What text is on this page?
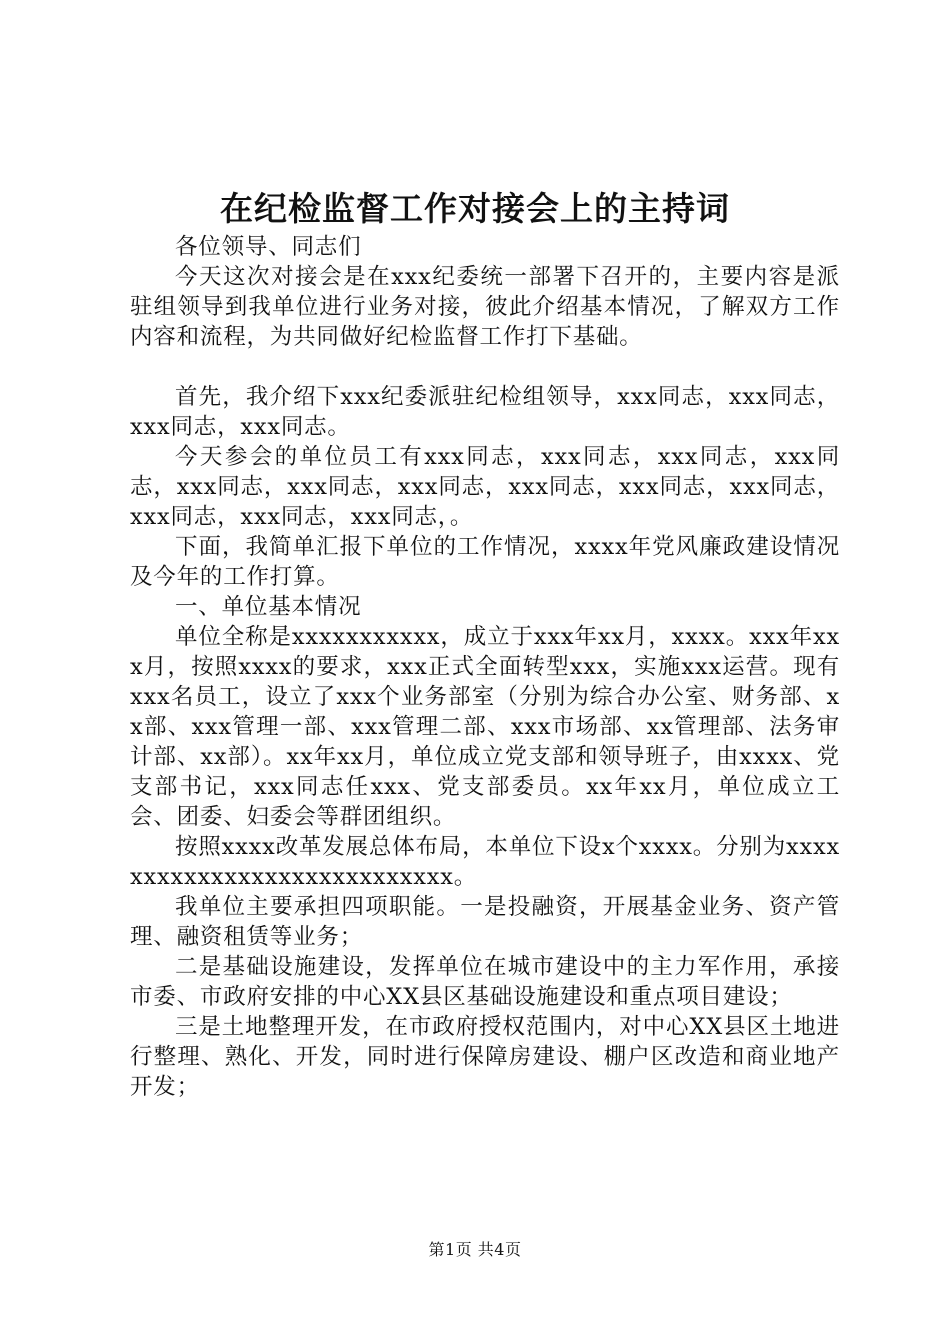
在纪检监督工作对接会上的主持词

各位领导、同志们

今天这次对接会是在xxx纪委统一部署下召开的，主要内容是派驻组领导到我单位进行业务对接，彼此介绍基本情况，了解双方工作内容和流程，为共同做好纪检监督工作打下基础。

首先，我介绍下xxx纪委派驻纪检组领导，xxx同志，xxx同志，xxx同志，xxx同志。

今天参会的单位员工有xxx同志，xxx同志，xxx同志，xxx同志，xxx同志，xxx同志，xxx同志，xxx同志，xxx同志，xxx同志，xxx同志，xxx同志，xxx同志，。

下面，我简单汇报下单位的工作情况，xxxx年党风廉政建设情况及今年的工作打算。

一、单位基本情况

单位全称是xxxxxxxxxxx，成立于xxx年xx月，xxxx。xxx年xxx月，按照xxxx的要求，xxx正式全面转型xxx，实施xxx运营。现有xxx名员工，设立了xxx个业务部室（分别为综合办公室、财务部、xx部、xxx管理一部、xxx管理二部、xxx市场部、xx管理部、法务审计部、xx部）。xx年xx月，单位成立党支部和领导班子，由xxxx、党支部书记，xxx同志任xxx、党支部委员。xx年xx月，单位成立工会、团委、妇委会等群团组织。

按照xxxx改革发展总体布局，本单位下设x个xxxx。分别为xxxxxxxxxxxxxxxxxxxxxxxxxxxx。

我单位主要承担四项职能。一是投融资，开展基金业务、资产管理、融资租赁等业务；

二是基础设施建设，发挥单位在城市建设中的主力军作用，承接市委、市政府安排的中心XX县区基础设施建设和重点项目建设；

三是土地整理开发，在市政府授权范围内，对中心XX县区土地进行整理、熟化、开发，同时进行保障房建设、棚户区改造和商业地产开发；

第1页 共4页
